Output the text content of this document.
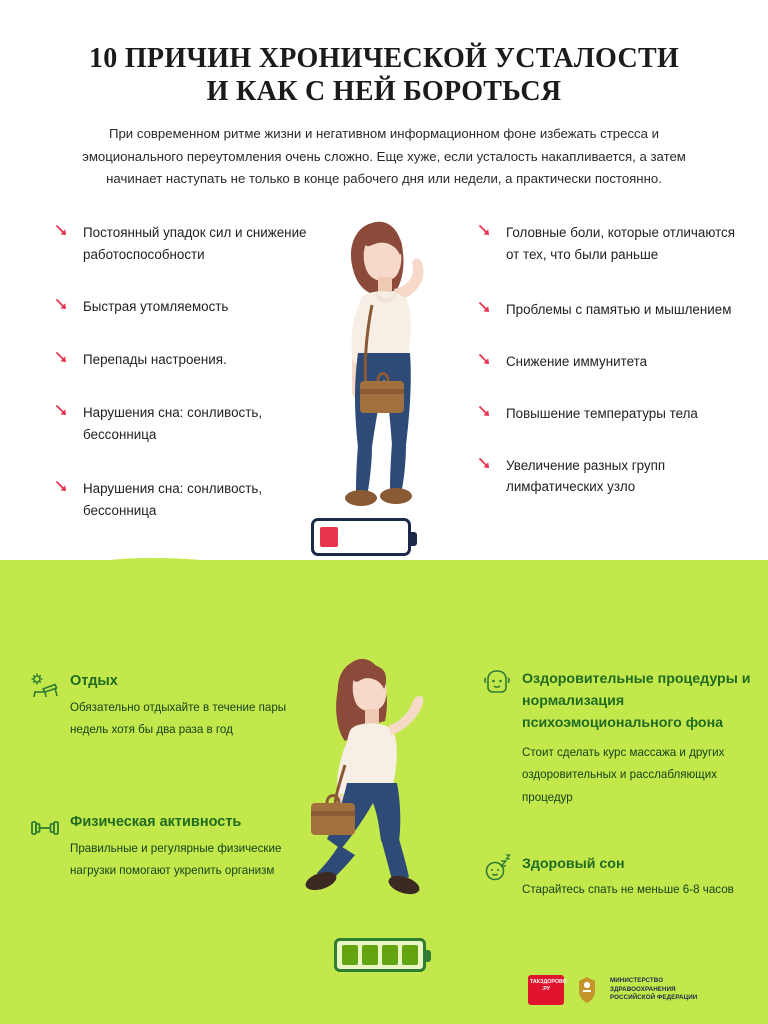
10 ПРИЧИН ХРОНИЧЕСКОЙ УСТАЛОСТИ
И КАК С НЕЙ БОРОТЬСЯ
При современном ритме жизни и негативном информационном фоне избежать стресса и эмоционального переутомления очень сложно. Еще хуже, если усталость накапливается, а затем начинает наступать не только в конце рабочего дня или недели, а практически постоянно.
Постоянный упадок сил и снижение работоспособности
Быстрая утомляемость
Перепады настроения.
Нарушения сна: сонливость, бессонница
Нарушения сна: сонливость, бессонница
Головные боли, которые отличаются от тех, что были раньше
Проблемы с памятью и мышлением
Снижение иммунитета
Повышение температуры тела
Увеличение разных групп лимфатических узло
Отдых
Обязательно отдыхайте в течение пары недель хотя бы два раза в год
Физическая активность
Правильные и регулярные физические нагрузки помогают укрепить организм
Оздоровительные процедуры и нормализация психоэмоционального фона
Стоит сделать курс массажа и других оздоровительных и расслабляющих процедур
Здоровый сон
Старайтесь спать не меньше 6-8 часов
ТАКЗДОРОВО .РУ
МИНИСТЕРСТВО
ЗДРАВООХРАНЕНИЯ
РОССИЙСКОЙ ФЕДЕРАЦИИ
